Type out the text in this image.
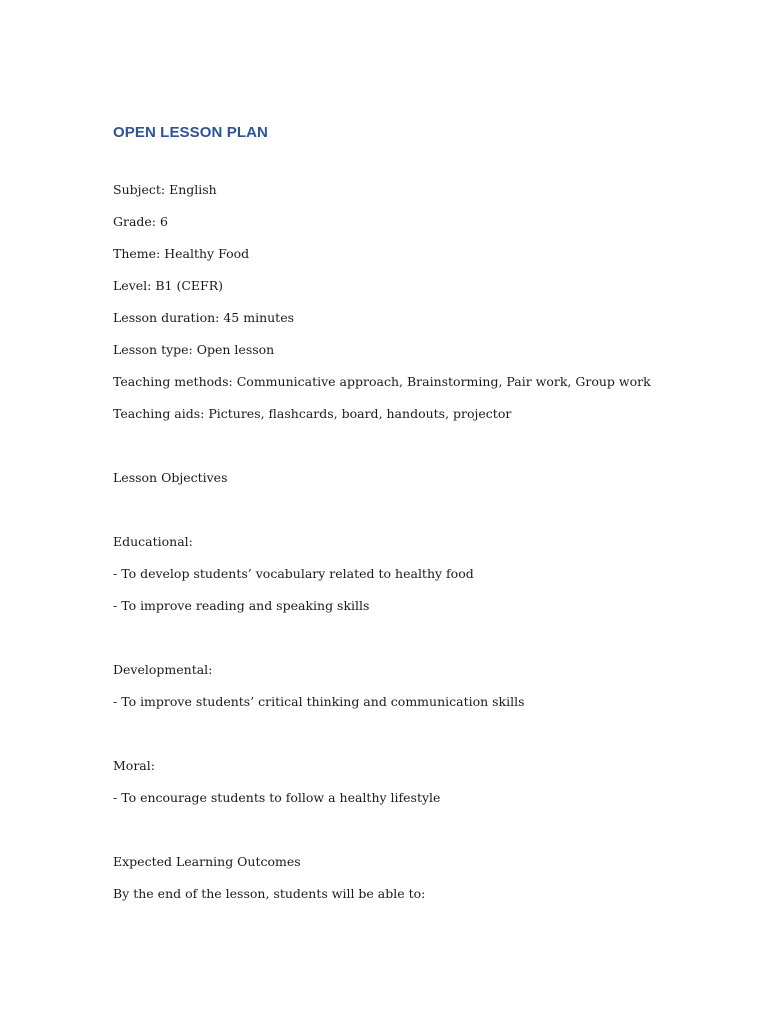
OPEN LESSON PLAN
Subject: English
Grade: 6
Theme: Healthy Food
Level: B1 (CEFR)
Lesson duration: 45 minutes
Lesson type: Open lesson
Teaching methods: Communicative approach, Brainstorming, Pair work, Group work
Teaching aids: Pictures, flashcards, board, handouts, projector
Lesson Objectives
Educational:
- To develop students’ vocabulary related to healthy food
- To improve reading and speaking skills
Developmental:
- To improve students’ critical thinking and communication skills
Moral:
- To encourage students to follow a healthy lifestyle
Expected Learning Outcomes
By the end of the lesson, students will be able to:
